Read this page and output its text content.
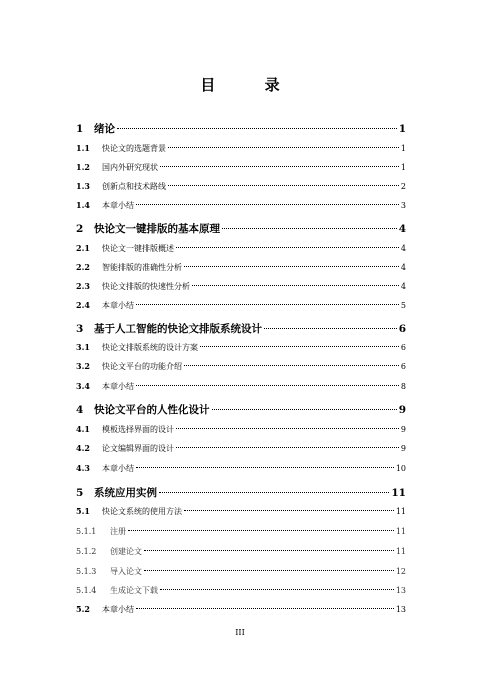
目 录
1	绪论	1
1.1	快论文的选题背景	1
1.2	国内外研究现状	1
1.3	创新点和技术路线	2
1.4	本章小结	3
2	快论文一键排版的基本原理	4
2.1	快论文一键排版概述	4
2.2	智能排版的准确性分析	4
2.3	快论文排版的快速性分析	4
2.4	本章小结	5
3	基于人工智能的快论文排版系统设计	6
3.1	快论文排版系统的设计方案	6
3.2	快论文平台的功能介绍	6
3.4	本章小结	8
4	快论文平台的人性化设计	9
4.1	模板选择界面的设计	9
4.2	论文编辑界面的设计	9
4.3	本章小结	10
5	系统应用实例	11
5.1	快论文系统的使用方法	11
5.1.1	注册	11
5.1.2	创建论文	11
5.1.3	导入论文	12
5.1.4	生成论文下载	13
5.2	本章小结	13
III
